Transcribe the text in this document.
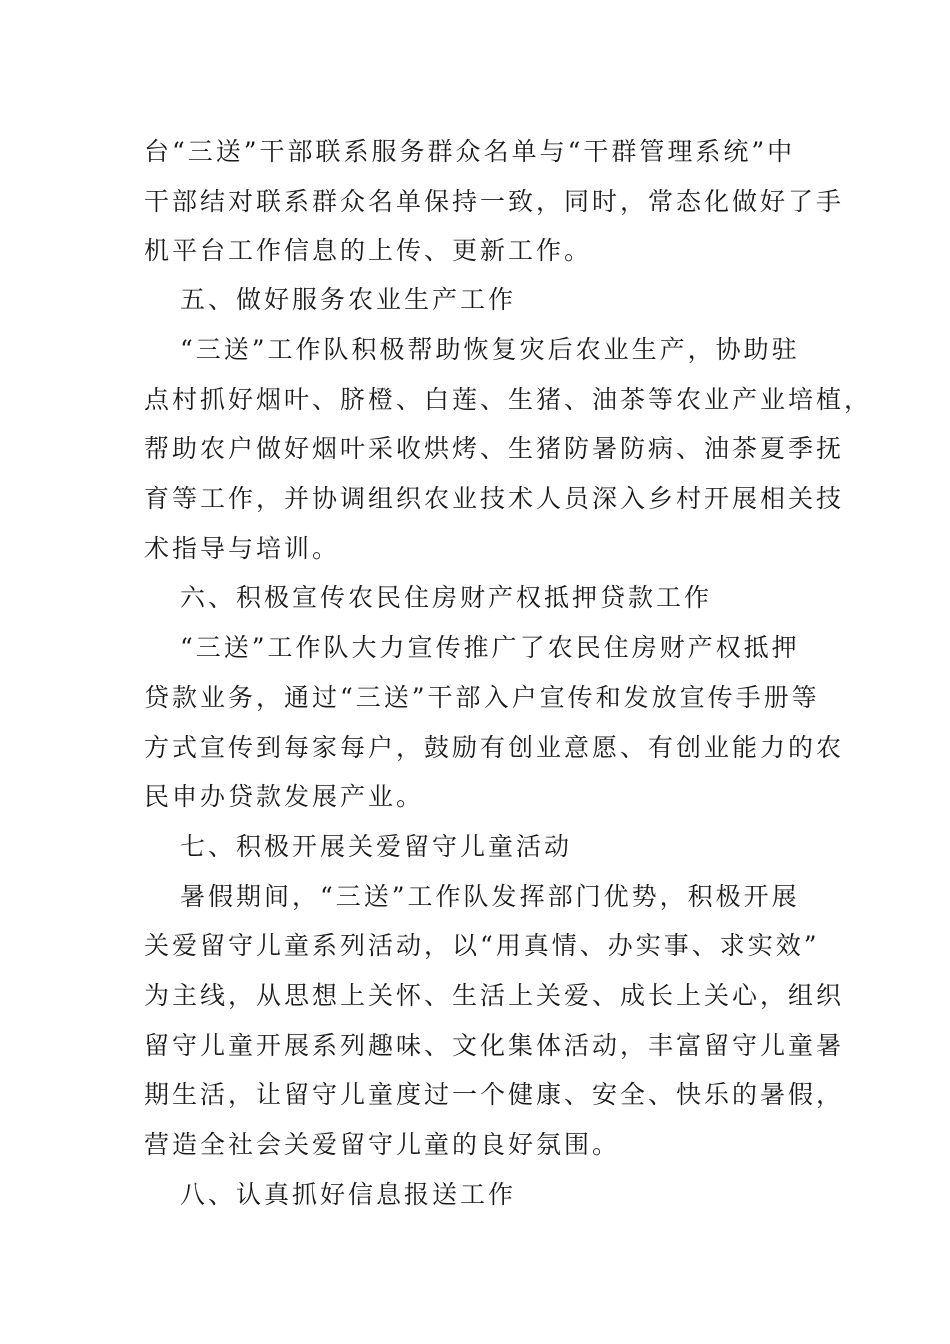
台“三送”干部联系服务群众名单与“干群管理系统”中
干部结对联系群众名单保持一致，同时，常态化做好了手
机平台工作信息的上传、更新工作。
五、做好服务农业生产工作
“三送”工作队积极帮助恢复灾后农业生产，协助驻
点村抓好烟叶、脐橙、白莲、生猪、油茶等农业产业培植，
帮助农户做好烟叶采收烘烤、生猪防暑防病、油茶夏季抚
育等工作，并协调组织农业技术人员深入乡村开展相关技
术指导与培训。
六、积极宣传农民住房财产权抵押贷款工作
“三送”工作队大力宣传推广了农民住房财产权抵押
贷款业务，通过“三送”干部入户宣传和发放宣传手册等
方式宣传到每家每户，鼓励有创业意愿、有创业能力的农
民申办贷款发展产业。
七、积极开展关爱留守儿童活动
暑假期间，“三送”工作队发挥部门优势，积极开展
关爱留守儿童系列活动，以“用真情、办实事、求实效”
为主线，从思想上关怀、生活上关爱、成长上关心，组织
留守儿童开展系列趣味、文化集体活动，丰富留守儿童暑
期生活，让留守儿童度过一个健康、安全、快乐的暑假，
营造全社会关爱留守儿童的良好氛围。
八、认真抓好信息报送工作
